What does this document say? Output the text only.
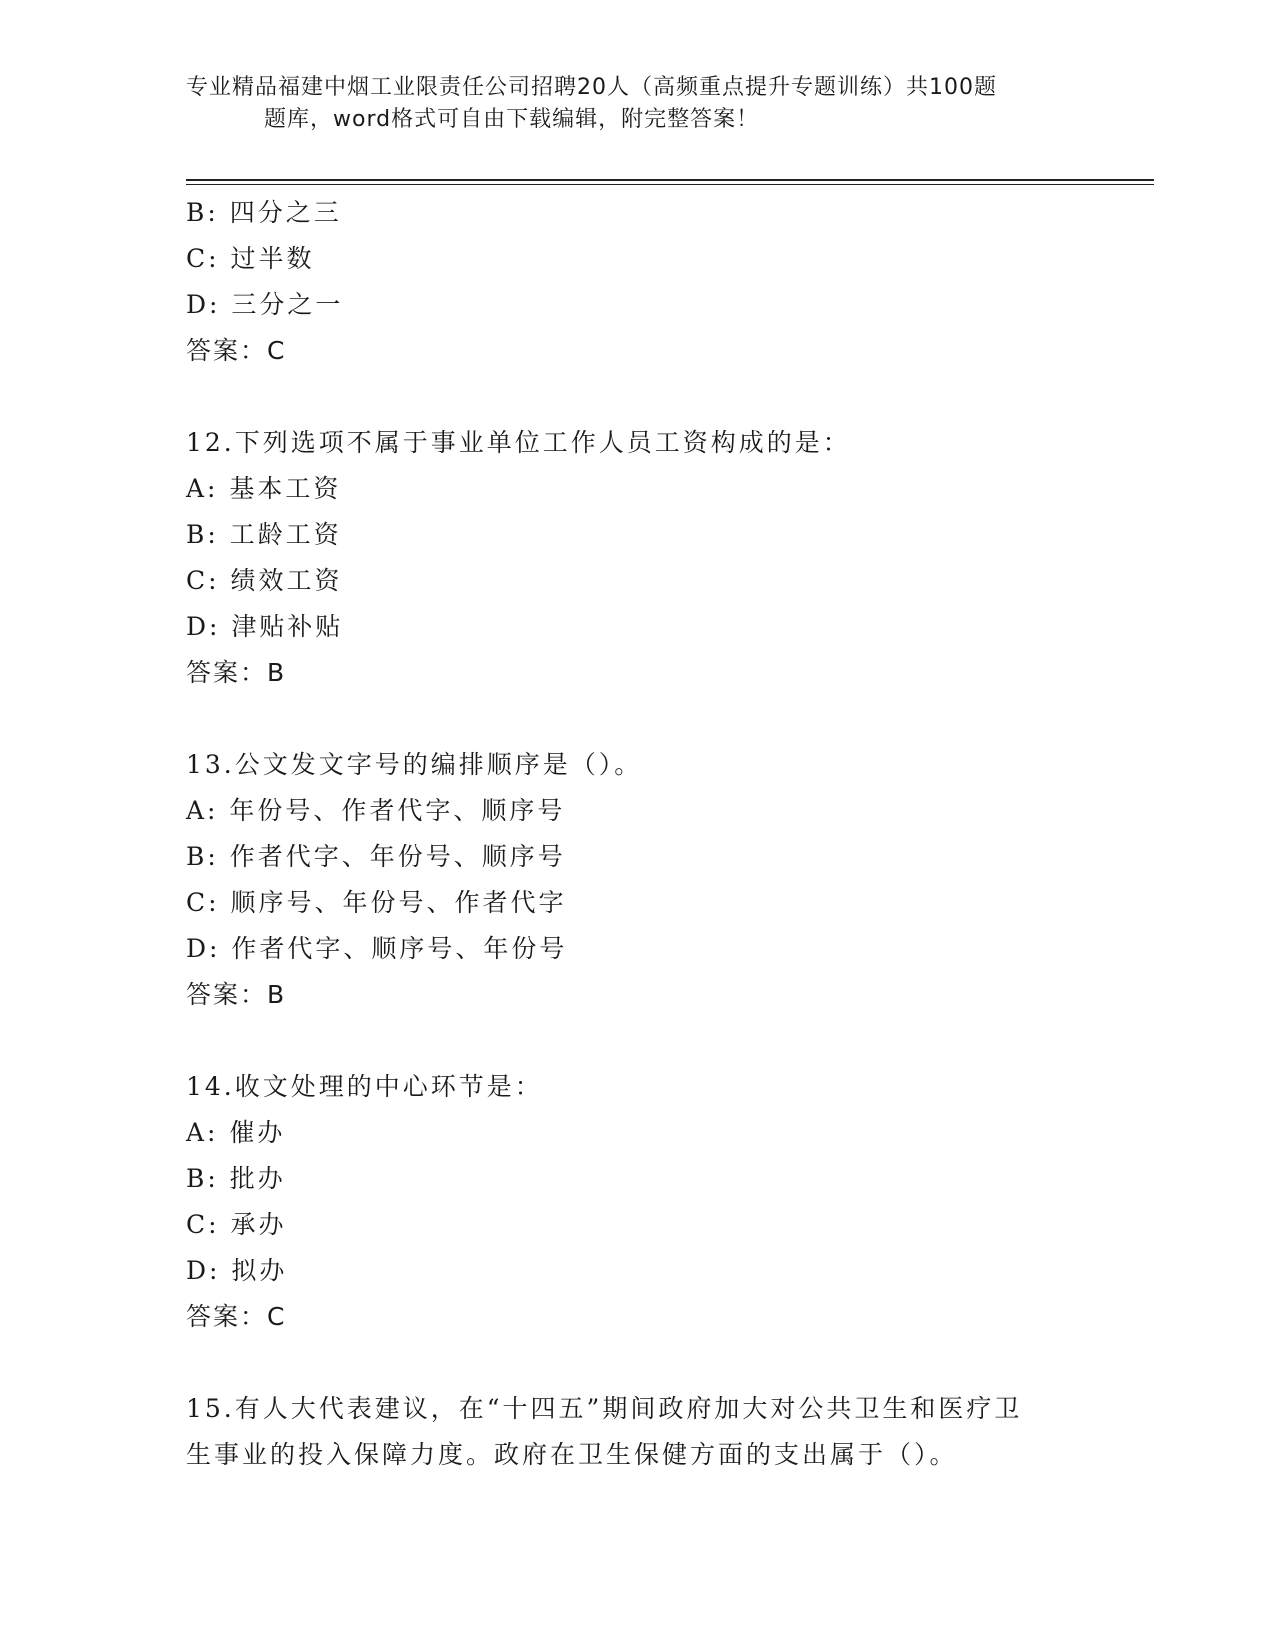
专业精品福建中烟工业限责任公司招聘20人（高频重点提升专题训练）共100题
题库，word格式可自由下载编辑，附完整答案！
B: 四分之三
C: 过半数
D: 三分之一
答案：C
12.下列选项不属于事业单位工作人员工资构成的是：
A: 基本工资
B: 工龄工资
C: 绩效工资
D: 津贴补贴
答案：B
13.公文发文字号的编排顺序是（）。
A: 年份号、作者代字、顺序号
B: 作者代字、年份号、顺序号
C: 顺序号、年份号、作者代字
D: 作者代字、顺序号、年份号
答案：B
14.收文处理的中心环节是：
A: 催办
B: 批办
C: 承办
D: 拟办
答案：C
15.有人大代表建议，在“十四五”期间政府加大对公共卫生和医疗卫
生事业的投入保障力度。政府在卫生保健方面的支出属于（）。
